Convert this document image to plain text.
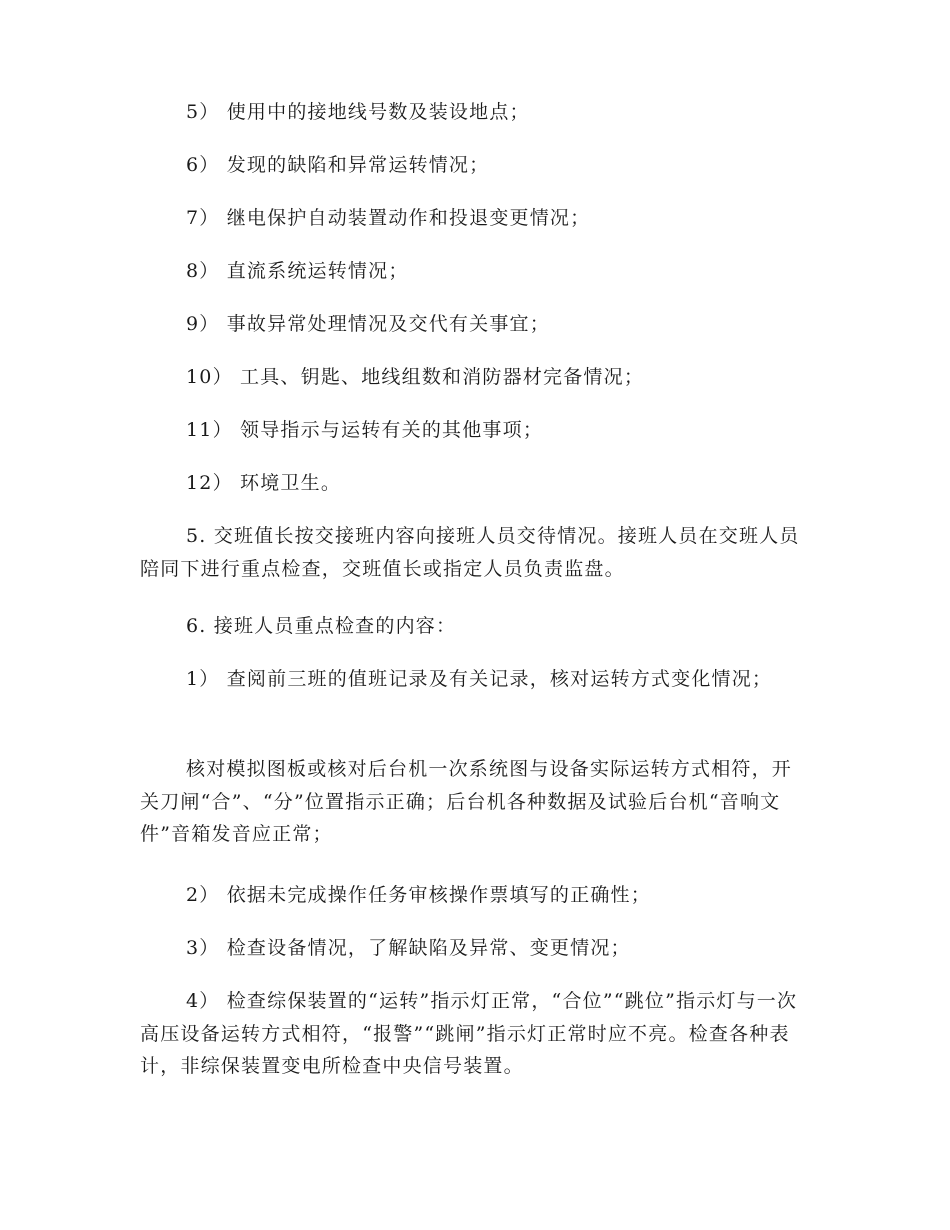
5） 使用中的接地线号数及装设地点；

6） 发现的缺陷和异常运转情况；

7） 继电保护自动装置动作和投退变更情况；

8） 直流系统运转情况；

9） 事故异常处理情况及交代有关事宜；

10） 工具、钥匙、地线组数和消防器材完备情况；

11） 领导指示与运转有关的其他事项；

12） 环境卫生。

5. 交班值长按交接班内容向接班人员交待情况。接班人员在交班人员陪同下进行重点检查，交班值长或指定人员负责监盘。

6. 接班人员重点检查的内容：

1） 查阅前三班的值班记录及有关记录，核对运转方式变化情况；

核对模拟图板或核对后台机一次系统图与设备实际运转方式相符，开关刀闸“合”、“分”位置指示正确；后台机各种数据及试验后台机“音响文件”音箱发音应正常；

2） 依据未完成操作任务审核操作票填写的正确性；

3） 检查设备情况，了解缺陷及异常、变更情况；

4） 检查综保装置的“运转”指示灯正常，“合位”“跳位”指示灯与一次高压设备运转方式相符，“报警”“跳闸”指示灯正常时应不亮。检查各种表计，非综保装置变电所检查中央信号装置。
